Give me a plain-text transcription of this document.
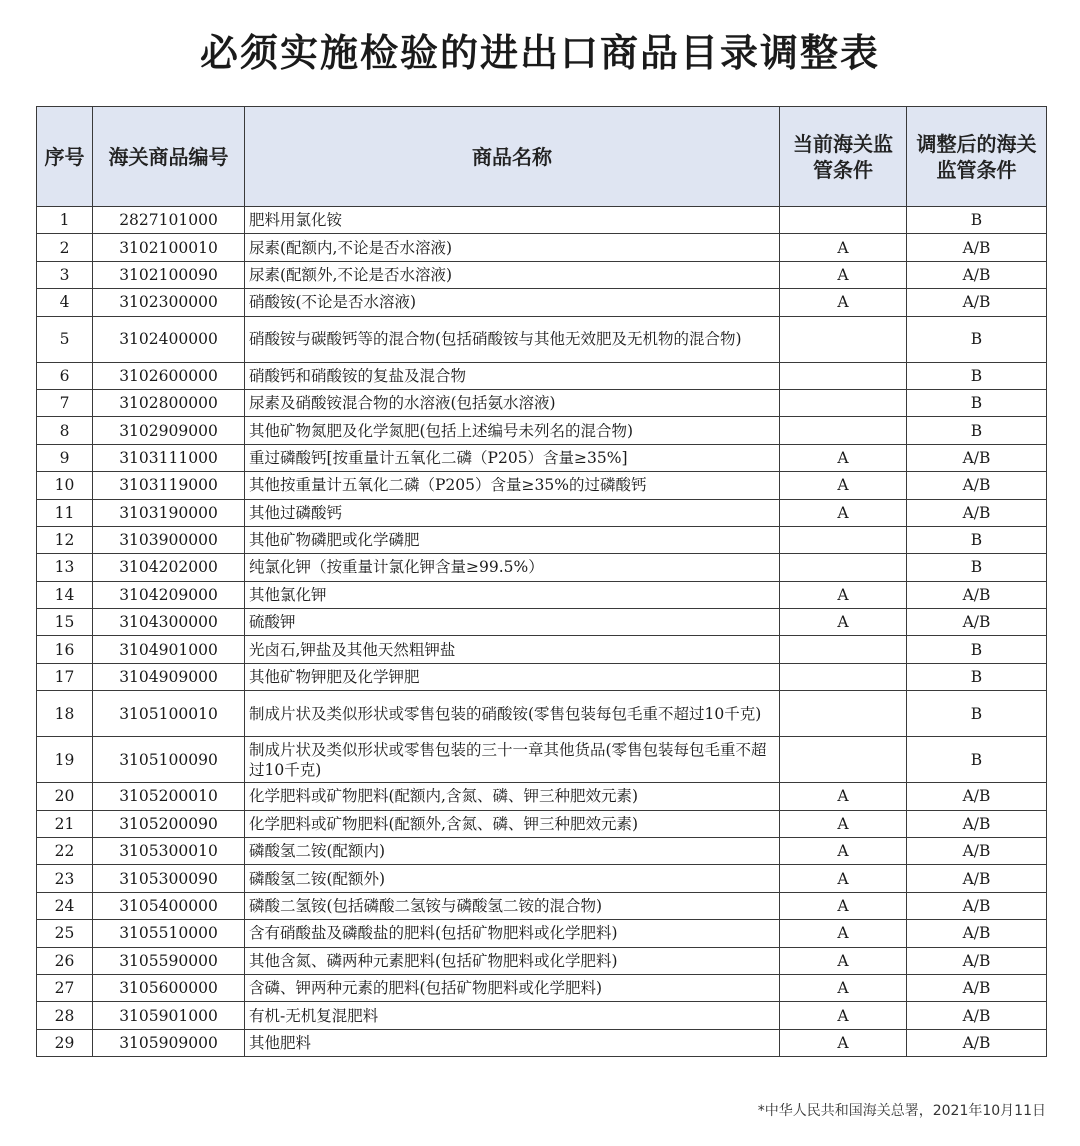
必须实施检验的进出口商品目录调整表
序号	海关商品编号	商品名称	当前海关监管条件	调整后的海关监管条件
1	2827101000	肥料用氯化铵		B
2	3102100010	尿素(配额内,不论是否水溶液)	A	A/B
3	3102100090	尿素(配额外,不论是否水溶液)	A	A/B
4	3102300000	硝酸铵(不论是否水溶液)	A	A/B
5	3102400000	硝酸铵与碳酸钙等的混合物(包括硝酸铵与其他无效肥及无机物的混合物)		B
6	3102600000	硝酸钙和硝酸铵的复盐及混合物		B
7	3102800000	尿素及硝酸铵混合物的水溶液(包括氨水溶液)		B
8	3102909000	其他矿物氮肥及化学氮肥(包括上述编号未列名的混合物)		B
9	3103111000	重过磷酸钙[按重量计五氧化二磷（P205）含量≥35%]	A	A/B
10	3103119000	其他按重量计五氧化二磷（P205）含量≥35%的过磷酸钙	A	A/B
11	3103190000	其他过磷酸钙	A	A/B
12	3103900000	其他矿物磷肥或化学磷肥		B
13	3104202000	纯氯化钾（按重量计氯化钾含量≥99.5%）		B
14	3104209000	其他氯化钾	A	A/B
15	3104300000	硫酸钾	A	A/B
16	3104901000	光卤石,钾盐及其他天然粗钾盐		B
17	3104909000	其他矿物钾肥及化学钾肥		B
18	3105100010	制成片状及类似形状或零售包装的硝酸铵(零售包装每包毛重不超过10千克)		B
19	3105100090	制成片状及类似形状或零售包装的三十一章其他货品(零售包装每包毛重不超过10千克)		B
20	3105200010	化学肥料或矿物肥料(配额内,含氮、磷、钾三种肥效元素)	A	A/B
21	3105200090	化学肥料或矿物肥料(配额外,含氮、磷、钾三种肥效元素)	A	A/B
22	3105300010	磷酸氢二铵(配额内)	A	A/B
23	3105300090	磷酸氢二铵(配额外)	A	A/B
24	3105400000	磷酸二氢铵(包括磷酸二氢铵与磷酸氢二铵的混合物)	A	A/B
25	3105510000	含有硝酸盐及磷酸盐的肥料(包括矿物肥料或化学肥料)	A	A/B
26	3105590000	其他含氮、磷两种元素肥料(包括矿物肥料或化学肥料)	A	A/B
27	3105600000	含磷、钾两种元素的肥料(包括矿物肥料或化学肥料)	A	A/B
28	3105901000	有机-无机复混肥料	A	A/B
29	3105909000	其他肥料	A	A/B
*中华人民共和国海关总署，2021年10月11日
